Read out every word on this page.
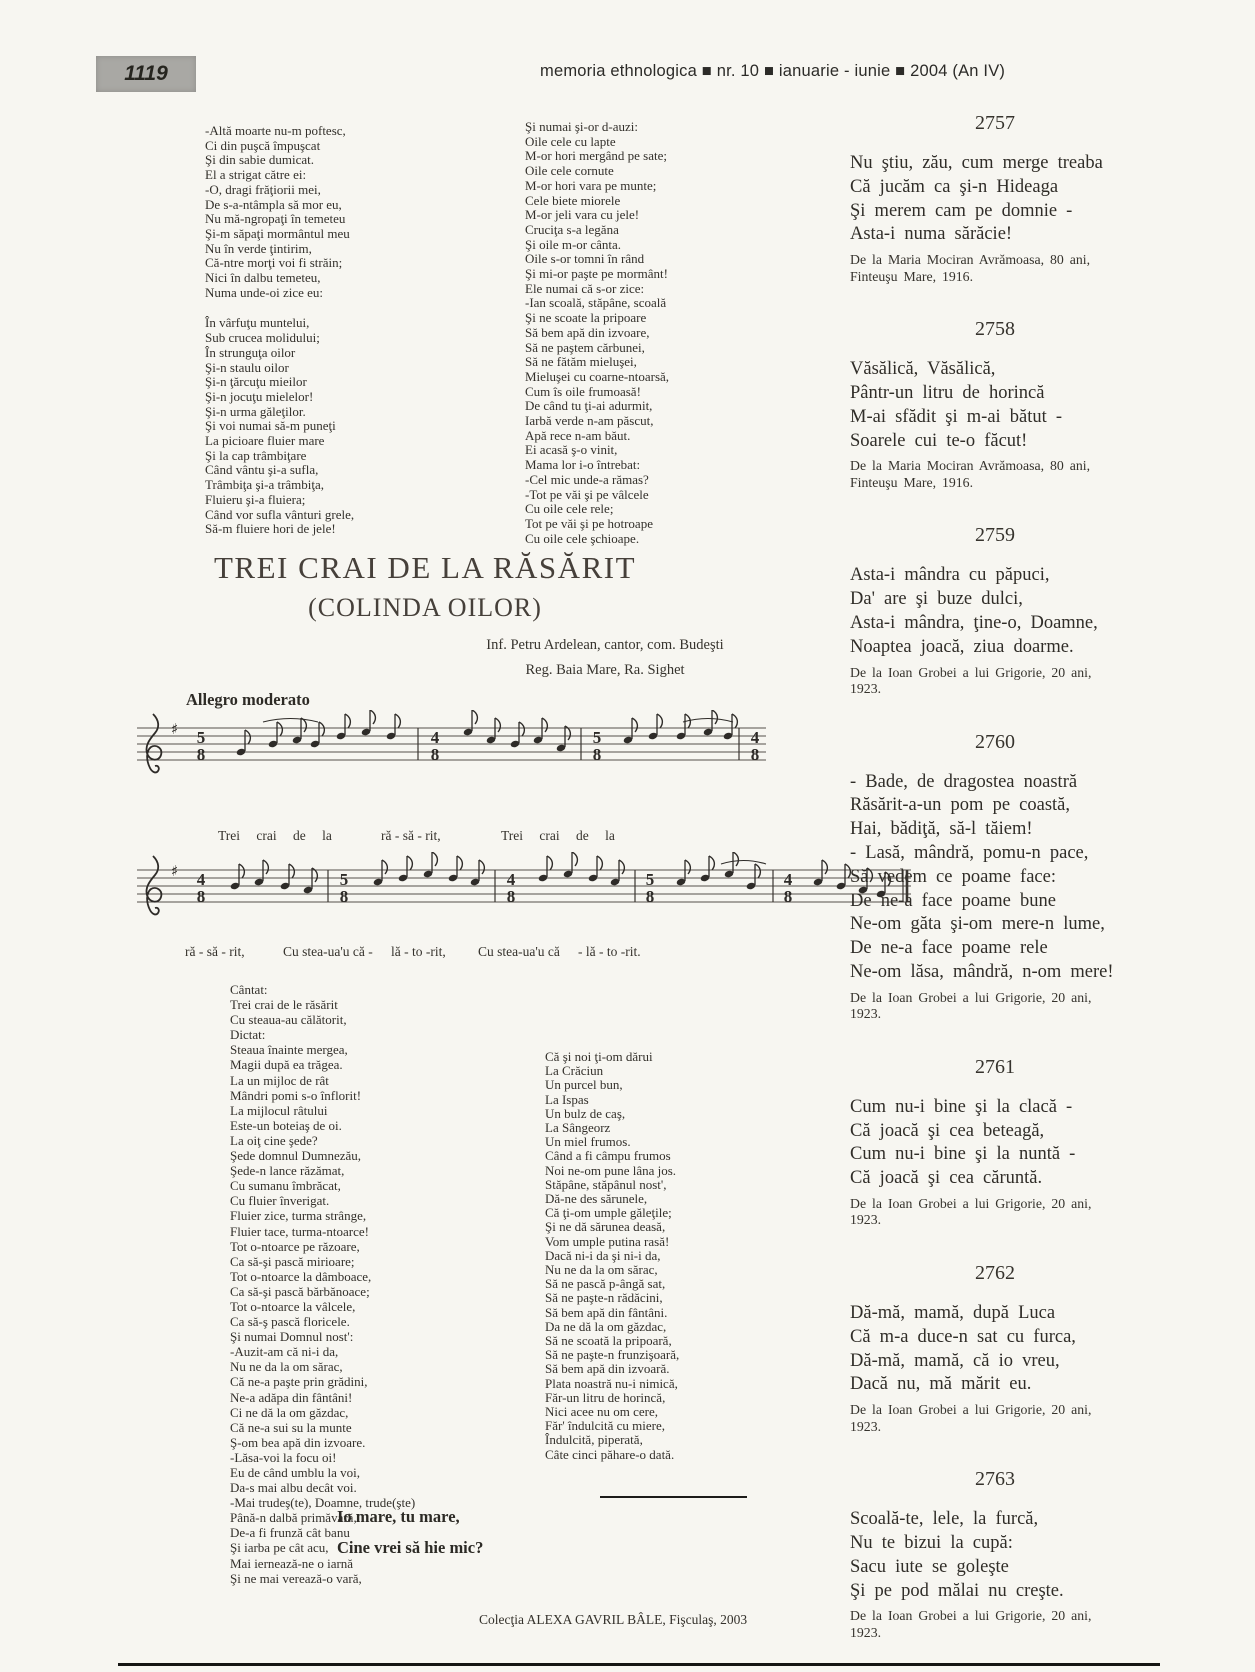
1119	memoria ethnologica ■ nr. 10 ■ ianuarie - iunie ■ 2004 (An IV)
-Altă moarte nu-m poftesc,
Ci din puşcă împuşcat
Şi din sabie dumicat.
El a strigat către ei:
-O, dragi frăţiorii mei,
De s-a-ntâmpla să mor eu,
Nu mă-ngropaţi în temeteu
Şi-m săpaţi mormântul meu
Nu în verde ţintirim,
Că-ntre morţi voi fi străin;
Nici în dalbu temeteu,
Numa unde-oi zice eu:
În vârfuţu muntelui,
Sub crucea molidului;
În strunguţa oilor
Şi-n staulu oilor
Şi-n ţărcuţu mieilor
Şi-n jocuţu mielelor!
Şi-n urma găleţilor.
Şi voi numai să-m puneţi
La picioare fluier mare
Şi la cap trâmbiţare
Când vântu şi-a sufla,
Trâmbiţa şi-a trâmbiţa,
Fluieru şi-a fluiera;
Când vor sufla vânturi grele,
Să-m fluiere hori de jele!
Şi numai şi-or d-auzi:
Oile cele cu lapte
M-or hori mergând pe sate;
Oile cele cornute
M-or hori vara pe munte;
Cele biete miorele
M-or jeli vara cu jele!
Cruciţa s-a legăna
Şi oile m-or cânta.
Oile s-or tomni în rând
Şi mi-or paşte pe mormânt!
Ele numai că s-or zice:
-Ian scoală, stăpâne, scoală
Şi ne scoate la pripoare
Să bem apă din izvoare,
Să ne paştem cărbunei,
Să ne fătăm mieluşei,
Mieluşei cu coarne-ntoarsă,
Cum îs oile frumoasă!
De când tu ţi-ai adurmit,
Iarbă verde n-am păscut,
Apă rece n-am băut.
Ei acasă ş-o vinit,
Mama lor i-o întrebat:
-Cel mic unde-a rămas?
-Tot pe văi şi pe vâlcele
Cu oile cele rele;
Tot pe văi şi pe hotroape
Cu oile cele şchioape.
TREI CRAI DE LA RĂSĂRIT
(COLINDA OILOR)
Inf. Petru Ardelean, cantor, com. Budeşti
Reg. Baia Mare, Ra. Sighet
Allegro moderato
♯ 5
8
4
8
5
8
4
8
Trei crai de la	ră - să - rit,	Trei crai de la
♯ 4
8
5
8
4
8
5
8
4
8
ră - să - rit,	Cu stea-ua'u că - lă - to -rit, Cu stea-ua'u că - lă - to -rit.
Cântat:
Trei crai de le răsărit
Cu steaua-au călătorit,
Dictat:
Steaua înainte mergea,
Magii după ea trăgea.
La un mijloc de rât
Mândri pomi s-o înflorit!
La mijlocul râtului
Este-un boteiaş de oi.
La oiţ cine şede?
Şede domnul Dumnezău,
Şede-n lance răzămat,
Cu sumanu îmbrăcat,
Cu fluier înverigat.
Fluier zice, turma strânge,
Fluier tace, turma-ntoarce!
Tot o-ntoarce pe răzoare,
Ca să-şi pască mirioare;
Tot o-ntoarce la dâmboace,
Ca să-şi pască bărbănoace;
Tot o-ntoarce la vâlcele,
Ca să-ş pască floricele.
Şi numai Domnul nost':
-Auzit-am că ni-i da,
Nu ne da la om sărac,
Că ne-a paşte prin grădini,
Ne-a adăpa din fântâni!
Ci ne dă la om găzdac,
Că ne-a sui su la munte
Ş-om bea apă din izvoare.
-Lăsa-voi la focu oi!
Eu de când umblu la voi,
Da-s mai albu decât voi.
-Mai trudeş(te), Doamne, trude(şte)
Până-n dalbă primăvară,
De-a fi frunză cât banu
Şi iarba pe cât acu,
Mai iernează-ne o iarnă
Şi ne mai verează-o vară,
Că şi noi ţi-om dărui
La Crăciun
Un purcel bun,
La Ispas
Un bulz de caş,
La Sângeorz
Un miel frumos.
Când a fi câmpu frumos
Noi ne-om pune lâna jos.
Stăpâne, stăpânul nost',
Dă-ne des sărunele,
Că ţi-om umple găleţile;
Şi ne dă sărunea deasă,
Vom umple putina rasă!
Dacă ni-i da şi ni-i da,
Nu ne da la om sărac,
Să ne pască p-ângă sat,
Să ne paşte-n rădăcini,
Să bem apă din fântâni.
Da ne dă la om găzdac,
Să ne scoată la pripoară,
Să ne paşte-n frunzişoară,
Să bem apă din izvoară.
Plata noastră nu-i nimică,
Făr-un litru de horincă,
Nici acee nu om cere,
Făr' îndulcită cu miere,
Îndulcită, piperată,
Câte cinci păhare-o dată.
Io mare, tu mare,
Cine vrei să hie mic?
Colecţia ALEXA GAVRIL BÂLE, Fişculaş, 2003
2757
Nu ştiu, zău, cum merge treaba
Că jucăm ca şi-n Hideaga
Şi merem cam pe domnie -
Asta-i numa sărăcie!
De la Maria Mociran Avrămoasa, 80 ani,
Finteuşu Mare, 1916.
2758
Văsălică, Văsălică,
Pântr-un litru de horincă
M-ai sfădit şi m-ai bătut -
Soarele cui te-o făcut!
De la Maria Mociran Avrămoasa, 80 ani,
Finteuşu Mare, 1916.
2759
Asta-i mândra cu păpuci,
Da' are şi buze dulci,
Asta-i mândra, ţine-o, Doamne,
Noaptea joacă, ziua doarme.
De la Ioan Grobei a lui Grigorie, 20 ani,
1923.
2760
- Bade, de dragostea noastră
Răsărit-a-un pom pe coastă,
Hai, bădiţă, să-l tăiem!
- Lasă, mândră, pomu-n pace,
Să vedem ce poame face:
De ne-a face poame bune
Ne-om găta şi-om mere-n lume,
De ne-a face poame rele
Ne-om lăsa, mândră, n-om mere!
De la Ioan Grobei a lui Grigorie, 20 ani,
1923.
2761
Cum nu-i bine şi la clacă -
Că joacă şi cea beteagă,
Cum nu-i bine şi la nuntă -
Că joacă şi cea căruntă.
De la Ioan Grobei a lui Grigorie, 20 ani,
1923.
2762
Dă-mă, mamă, după Luca
Că m-a duce-n sat cu furca,
Dă-mă, mamă, că io vreu,
Dacă nu, mă mărit eu.
De la Ioan Grobei a lui Grigorie, 20 ani,
1923.
2763
Scoală-te, lele, la furcă,
Nu te bizui la cupă:
Sacu iute se goleşte
Şi pe pod mălai nu creşte.
De la Ioan Grobei a lui Grigorie, 20 ani,
1923.
